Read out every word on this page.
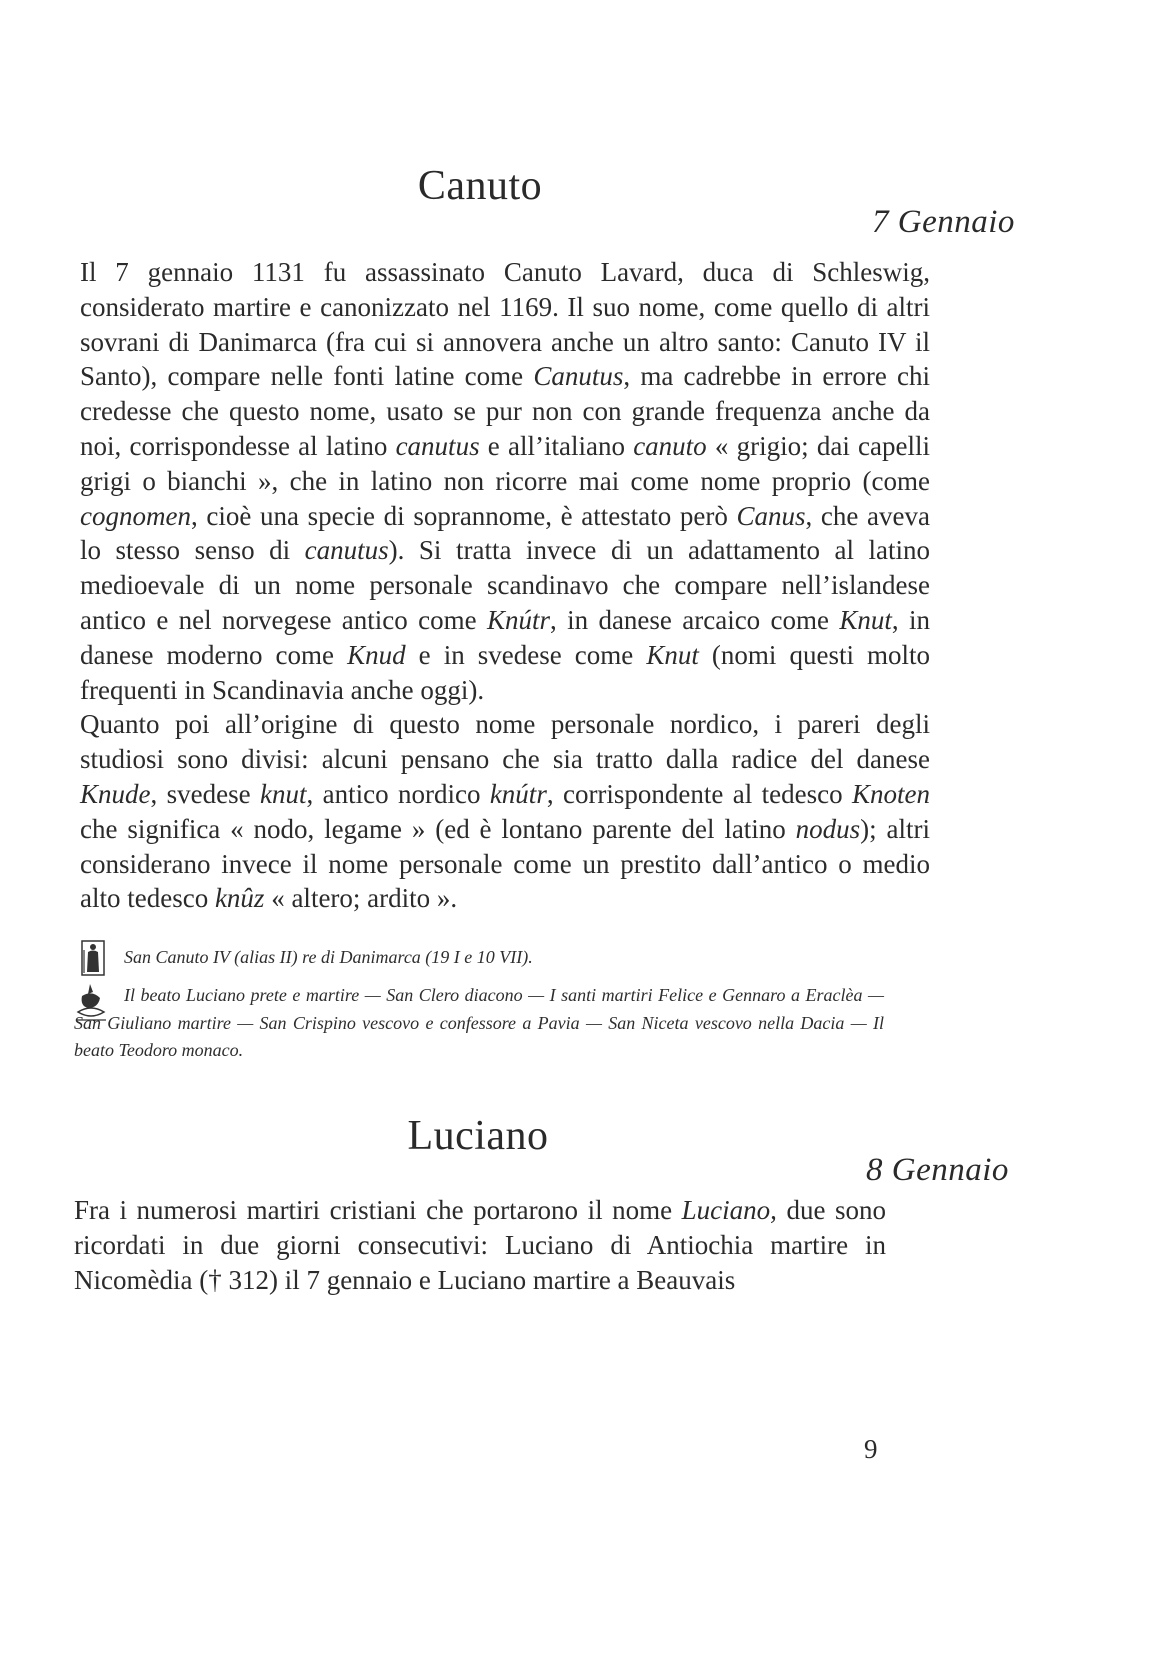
Canuto
7 Gennaio

Il 7 gennaio 1131 fu assassinato Canuto Lavard, duca di Schleswig, considerato martire e canonizzato nel 1169. Il suo nome, come quello di altri sovrani di Danimarca (fra cui si annovera anche un altro santo: Canuto IV il Santo), compare nelle fonti latine come Canutus, ma cadrebbe in errore chi credesse che questo nome, usato se pur non con grande frequenza anche da noi, corrispondesse al latino canutus e all’italiano canuto « grigio; dai capelli grigi o bianchi », che in latino non ricorre mai come nome proprio (come cognomen, cioè una specie di soprannome, è attestato però Canus, che aveva lo stesso senso di canutus). Si tratta invece di un adattamento al latino medioevale di un nome personale scandinavo che compare nell’islandese antico e nel norvegese antico come Knútr, in danese arcaico come Knut, in danese moderno come Knud e in svedese come Knut (nomi questi molto frequenti in Scandinavia anche oggi).

Quanto poi all’origine di questo nome personale nordico, i pareri degli studiosi sono divisi: alcuni pensano che sia tratto dalla radice del danese Knude, svedese knut, antico nordico knútr, corrispondente al tedesco Knoten che significa « nodo, legame » (ed è lontano parente del latino nodus); altri considerano invece il nome personale come un prestito dall’antico o medio alto tedesco knûz « altero; ardito ».

San Canuto IV (alias II) re di Danimarca (19 I e 10 VII).
Il beato Luciano prete e martire — San Clero diacono — I santi martiri Felice e Gennaro a Eraclèa — San Giuliano martire — San Crispino vescovo e confessore a Pavia — San Niceta vescovo nella Dacia — Il beato Teodoro monaco.
Luciano
8 Gennaio

Fra i numerosi martiri cristiani che portarono il nome Luciano, due sono ricordati in due giorni consecutivi: Luciano di Antiochia martire in Nicomèdia († 312) il 7 gennaio e Luciano martire a Beauvais

9
